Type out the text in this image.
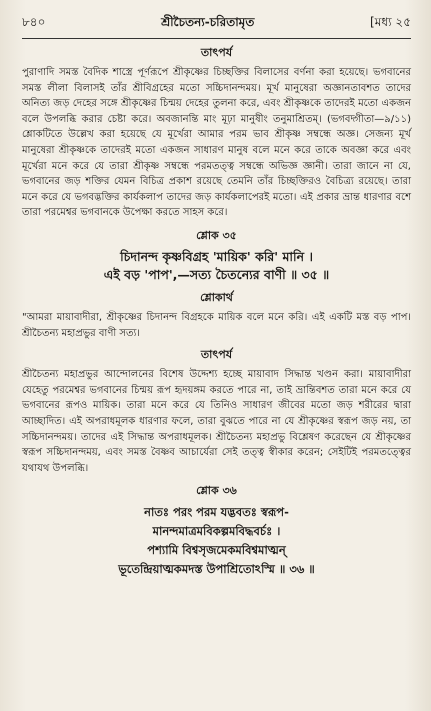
৮৪০	শ্রীচৈতন্য-চরিতামৃত	[মধ্য ২৫
তাৎপর্য

পুরাণাদি সমস্ত বৈদিক শাস্ত্রে পূর্ণরূপে শ্রীকৃষ্ণের চিচ্ছক্তির বিলাসের বর্ণনা করা হয়েছে। ভগবানের সমস্ত লীলা বিলাসই তাঁর শ্রীবিগ্রহের মতো সচ্চিদানন্দময়। মূর্খ মানুষেরা অজ্ঞানতাবশত তাদের অনিত্য জড় দেহের সঙ্গে শ্রীকৃষ্ণের চিন্ময় দেহের তুলনা করে, এবং শ্রীকৃষ্ণকে তাদেরই মতো একজন বলে উপলব্ধি করার চেষ্টা করে। অবজানন্তি মাং মূঢ়া মানুষীং তনুমাশ্রিতম্। (ভগবদ্গীতা—৯/১১) শ্লোকটিতে উল্লেখ করা হয়েছে যে মূর্খেরা আমার পরম ভাব শ্রীকৃষ্ণ সম্বন্ধে অজ্ঞ। সেজন্য মূর্খ মানুষেরা শ্রীকৃষ্ণকে তাদেরই মতো একজন সাধারণ মানুষ বলে মনে করে তাকে অবজ্ঞা করে এবং মূর্খেরা মনে করে যে তারা শ্রীকৃষ্ণ সম্বন্ধে পরমতত্ত্ব সম্বন্ধে অভিজ্ঞ জ্ঞানী। তারা জানে না যে, ভগবানের জড় শক্তির যেমন বিচিত্র প্রকাশ রয়েছে তেমনি তাঁর চিচ্ছক্তিরও বৈচিত্র্য রয়েছে। তারা মনে করে যে ভগবদ্ভক্তির কার্যকলাপ তাদের জড় কার্যকলাপেরই মতো। এই প্রকার ভ্রান্ত ধারণার বশে তারা পরমেশ্বর ভগবানকে উপেক্ষা করতে সাহস করে।

শ্লোক ৩৫

চিদানন্দ কৃষ্ণবিগ্রহ 'মায়িক' করি' মানি ।

এই বড় 'পাপ',—সত্য চৈতন্যের বাণী ॥ ৩৫ ॥

শ্লোকার্থ

"আমরা মায়াবাদীরা, শ্রীকৃষ্ণের চিদানন্দ বিগ্রহকে মায়িক বলে মনে করি। এই একটি মস্ত বড় পাপ। শ্রীচৈতন্য মহাপ্রভুর বাণী সত্য।

তাৎপর্য

শ্রীচৈতন্য মহাপ্রভুর আন্দোলনের বিশেষ উদ্দেশ্য হচ্ছে মায়াবাদ সিদ্ধান্ত খণ্ডন করা। মায়াবাদীরা যেহেতু পরমেশ্বর ভগবানের চিন্ময় রূপ হৃদয়ঙ্গম করতে পারে না, তাই ভ্রান্তিবশত তারা মনে করে যে ভগবানের রূপও মায়িক। তারা মনে করে যে তিনিও সাধারণ জীবের মতো জড় শরীরের দ্বারা আচ্ছাদিত। এই অপরাধমূলক ধারণার ফলে, তারা বুঝতে পারে না যে শ্রীকৃষ্ণের স্বরূপ জড় নয়, তা সচ্চিদানন্দময়। তাদের এই সিদ্ধান্ত অপরাধমূলক। শ্রীচৈতন্য মহাপ্রভু বিশ্লেষণ করেছেন যে শ্রীকৃষ্ণের স্বরূপ সচ্চিদানন্দময়, এবং সমস্ত বৈষ্ণব আচার্যেরা সেই তত্ত্ব স্বীকার করেন; সেইটিই পরমতত্ত্বের যথাযথ উপলব্ধি।

শ্লোক ৩৬

নাতঃ পরং পরম যদ্ভবতঃ স্বরূপ-

মানন্দমাত্রমবিকল্পমবিদ্ধবর্চঃ ।

পশ্যামি বিশ্বসৃজমেকমবিশ্বমাত্মন্

ভূতেন্দ্রিয়াত্মকমদস্ত উপাশ্রিতোঽস্মি ॥ ৩৬ ॥
